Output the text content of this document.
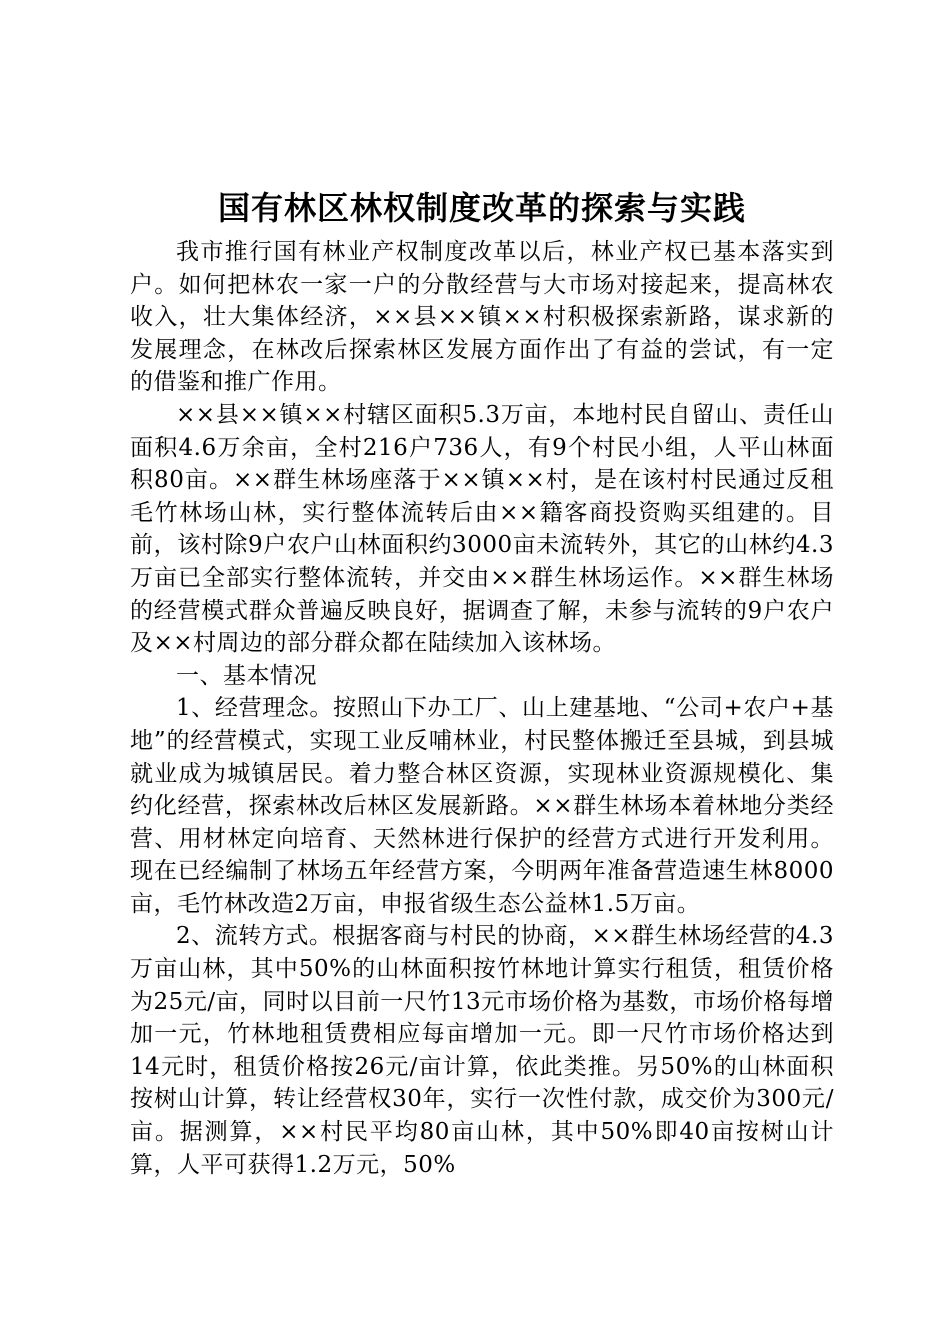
国有林区林权制度改革的探索与实践

我市推行国有林业产权制度改革以后，林业产权已基本落实到户。如何把林农一家一户的分散经营与大市场对接起来，提高林农收入，壮大集体经济，××县××镇××村积极探索新路，谋求新的发展理念，在林改后探索林区发展方面作出了有益的尝试，有一定的借鉴和推广作用。

××县××镇××村辖区面积5.3万亩，本地村民自留山、责任山面积4.6万余亩，全村216户736人，有9个村民小组，人平山林面积80亩。××群生林场座落于××镇××村，是在该村村民通过反租毛竹林场山林，实行整体流转后由××籍客商投资购买组建的。目前，该村除9户农户山林面积约3000亩未流转外，其它的山林约4.3万亩已全部实行整体流转，并交由××群生林场运作。××群生林场的经营模式群众普遍反映良好，据调查了解，未参与流转的9户农户及××村周边的部分群众都在陆续加入该林场。

一、基本情况

1、经营理念。按照山下办工厂、山上建基地、“公司+农户+基地”的经营模式，实现工业反哺林业，村民整体搬迁至县城，到县城就业成为城镇居民。着力整合林区资源，实现林业资源规模化、集约化经营，探索林改后林区发展新路。××群生林场本着林地分类经营、用材林定向培育、天然林进行保护的经营方式进行开发利用。现在已经编制了林场五年经营方案，今明两年准备营造速生林8000亩，毛竹林改造2万亩，申报省级生态公益林1.5万亩。

2、流转方式。根据客商与村民的协商，××群生林场经营的4.3万亩山林，其中50%的山林面积按竹林地计算实行租赁，租赁价格为25元/亩，同时以目前一尺竹13元市场价格为基数，市场价格每增加一元，竹林地租赁费相应每亩增加一元。即一尺竹市场价格达到14元时，租赁价格按26元/亩计算，依此类推。另50%的山林面积按树山计算，转让经营权30年，实行一次性付款，成交价为300元/亩。据测算，××村民平均80亩山林，其中50%即40亩按树山计算，人平可获得1.2万元，50%
